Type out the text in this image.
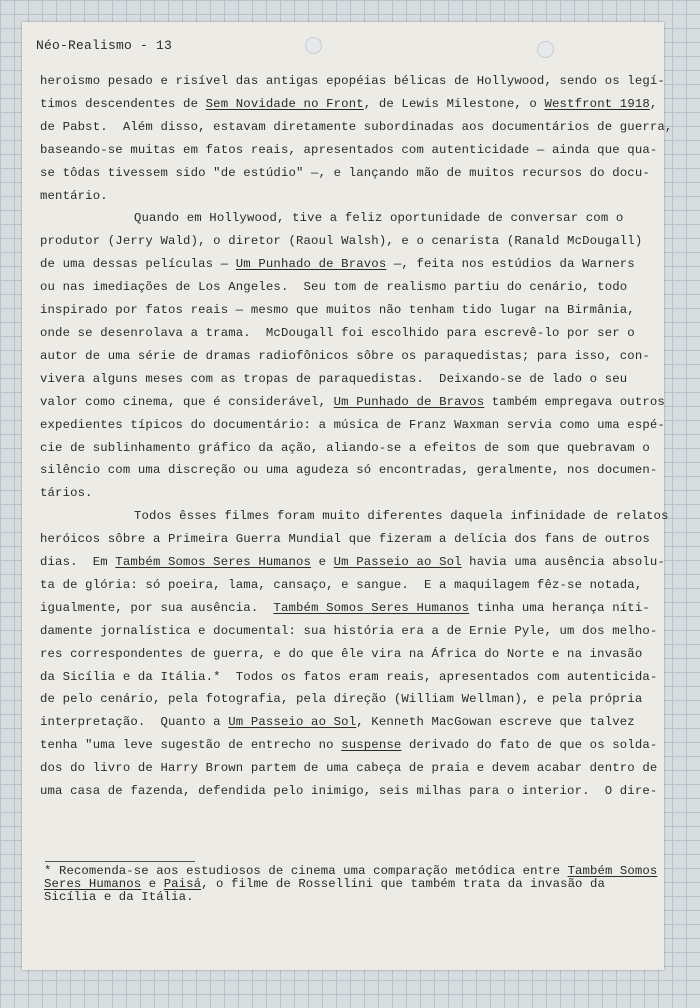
Néo-Realismo - 13
heroismo pesado e risível das antigas epopéias bélicas de Hollywood, sendo os legí-
timos descendentes de Sem Novidade no Front, de Lewis Milestone, o Westfront 1918,
de Pabst.  Além disso, estavam diretamente subordinadas aos documentários de guerra,
baseando-se muitas em fatos reais, apresentados com autenticidade — ainda que qua-
se tôdas tivessem sido "de estúdio" —, e lançando mão de muitos recursos do docu-
mentário.
Quando em Hollywood, tive a feliz oportunidade de conversar com o
produtor (Jerry Wald), o diretor (Raoul Walsh), e o cenarista (Ranald McDougall)
de uma dessas películas — Um Punhado de Bravos —, feita nos estúdios da Warners
ou nas imediações de Los Angeles.  Seu tom de realismo partiu do cenário, todo
inspirado por fatos reais — mesmo que muitos não tenham tido lugar na Birmânia,
onde se desenrolava a trama.  McDougall foi escolhido para escrevê-lo por ser o
autor de uma série de dramas radiofônicos sôbre os paraquedistas; para isso, con-
vivera alguns meses com as tropas de paraquedistas.  Deixando-se de lado o seu
valor como cinema, que é considerável, Um Punhado de Bravos também empregava outros
expedientes típicos do documentário: a música de Franz Waxman servia como uma espé-
cie de sublinhamento gráfico da ação, aliando-se a efeitos de som que quebravam o
silêncio com uma discreção ou uma agudeza só encontradas, geralmente, nos documen-
tários.
Todos êsses filmes foram muito diferentes daquela infinidade de relatos
heróicos sôbre a Primeira Guerra Mundial que fizeram a delícia dos fans de outros
dias.  Em Também Somos Seres Humanos e Um Passeio ao Sol havia uma ausência absolu-
ta de glória: só poeira, lama, cansaço, e sangue.  E a maquilagem fêz-se notada,
igualmente, por sua ausência.  Também Somos Seres Humanos tinha uma herança níti-
damente jornalística e documental: sua história era a de Ernie Pyle, um dos melho-
res correspondentes de guerra, e do que êle vira na África do Norte e na invasão
da Sicília e da Itália.*  Todos os fatos eram reais, apresentados com autenticida-
de pelo cenário, pela fotografia, pela direção (William Wellman), e pela própria
interpretação.  Quanto a Um Passeio ao Sol, Kenneth MacGowan escreve que talvez
tenha "uma leve sugestão de entrecho no suspense derivado do fato de que os solda-
dos do livro de Harry Brown partem de uma cabeça de praia e devem acabar dentro de
uma casa de fazenda, defendida pelo inimigo, seis milhas para o interior.  O dire-
* Recomenda-se aos estudiosos de cinema uma comparação metódica entre Também Somos
Seres Humanos e Paisá, o filme de Rossellini que também trata da invasão da
Sicília e da Itália.
